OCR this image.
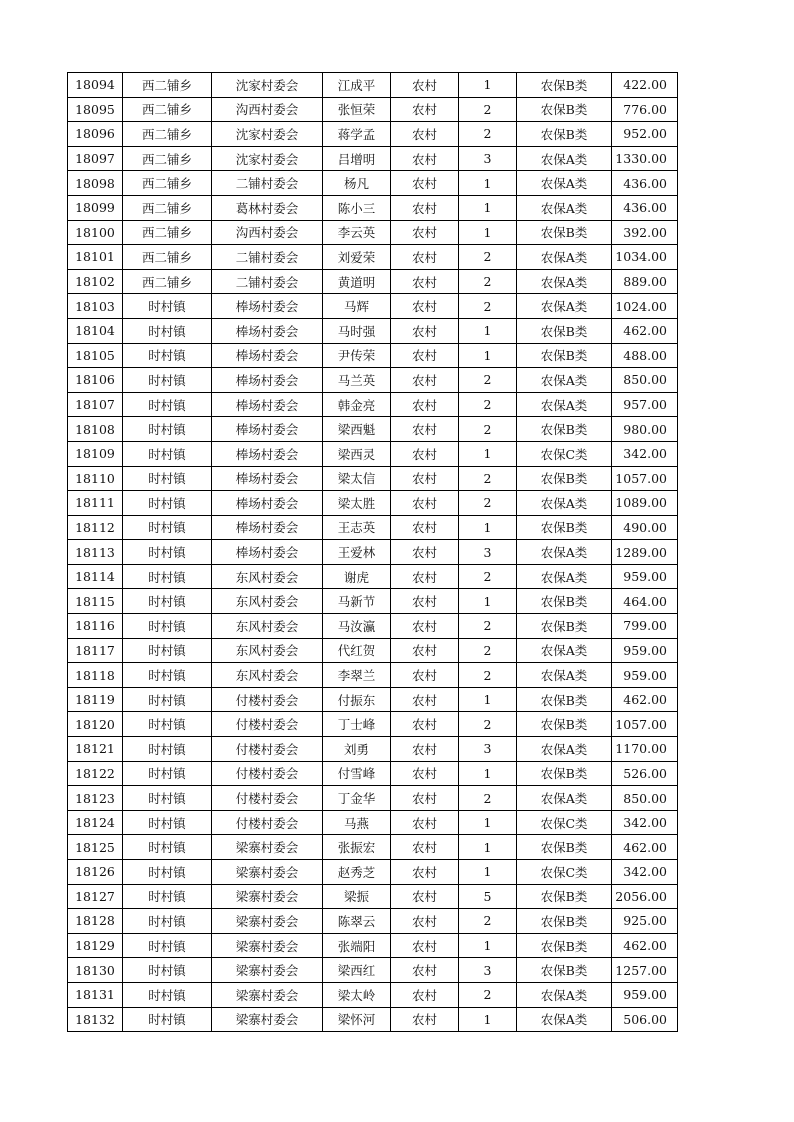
18094	西二铺乡	沈家村委会	江成平	农村	1	农保B类	422.00
18095	西二铺乡	沟西村委会	张恒荣	农村	2	农保B类	776.00
18096	西二铺乡	沈家村委会	蒋学孟	农村	2	农保B类	952.00
18097	西二铺乡	沈家村委会	吕增明	农村	3	农保A类	1330.00
18098	西二铺乡	二铺村委会	杨凡	农村	1	农保A类	436.00
18099	西二铺乡	葛林村委会	陈小三	农村	1	农保A类	436.00
18100	西二铺乡	沟西村委会	李云英	农村	1	农保B类	392.00
18101	西二铺乡	二铺村委会	刘爱荣	农村	2	农保A类	1034.00
18102	西二铺乡	二铺村委会	黄道明	农村	2	农保A类	889.00
18103	时村镇	棒场村委会	马辉	农村	2	农保A类	1024.00
18104	时村镇	棒场村委会	马时强	农村	1	农保B类	462.00
18105	时村镇	棒场村委会	尹传荣	农村	1	农保B类	488.00
18106	时村镇	棒场村委会	马兰英	农村	2	农保A类	850.00
18107	时村镇	棒场村委会	韩金亮	农村	2	农保A类	957.00
18108	时村镇	棒场村委会	梁西魁	农村	2	农保B类	980.00
18109	时村镇	棒场村委会	梁西灵	农村	1	农保C类	342.00
18110	时村镇	棒场村委会	梁太信	农村	2	农保B类	1057.00
18111	时村镇	棒场村委会	梁太胜	农村	2	农保A类	1089.00
18112	时村镇	棒场村委会	王志英	农村	1	农保B类	490.00
18113	时村镇	棒场村委会	王爱林	农村	3	农保A类	1289.00
18114	时村镇	东风村委会	谢虎	农村	2	农保A类	959.00
18115	时村镇	东风村委会	马新节	农村	1	农保B类	464.00
18116	时村镇	东风村委会	马汝瀛	农村	2	农保B类	799.00
18117	时村镇	东风村委会	代红贺	农村	2	农保A类	959.00
18118	时村镇	东风村委会	李翠兰	农村	2	农保A类	959.00
18119	时村镇	付楼村委会	付振东	农村	1	农保B类	462.00
18120	时村镇	付楼村委会	丁士峰	农村	2	农保B类	1057.00
18121	时村镇	付楼村委会	刘勇	农村	3	农保A类	1170.00
18122	时村镇	付楼村委会	付雪峰	农村	1	农保B类	526.00
18123	时村镇	付楼村委会	丁金华	农村	2	农保A类	850.00
18124	时村镇	付楼村委会	马燕	农村	1	农保C类	342.00
18125	时村镇	梁寨村委会	张振宏	农村	1	农保B类	462.00
18126	时村镇	梁寨村委会	赵秀芝	农村	1	农保C类	342.00
18127	时村镇	梁寨村委会	梁振	农村	5	农保B类	2056.00
18128	时村镇	梁寨村委会	陈翠云	农村	2	农保B类	925.00
18129	时村镇	梁寨村委会	张端阳	农村	1	农保B类	462.00
18130	时村镇	梁寨村委会	梁西红	农村	3	农保B类	1257.00
18131	时村镇	梁寨村委会	梁太岭	农村	2	农保A类	959.00
18132	时村镇	梁寨村委会	梁怀河	农村	1	农保A类	506.00
